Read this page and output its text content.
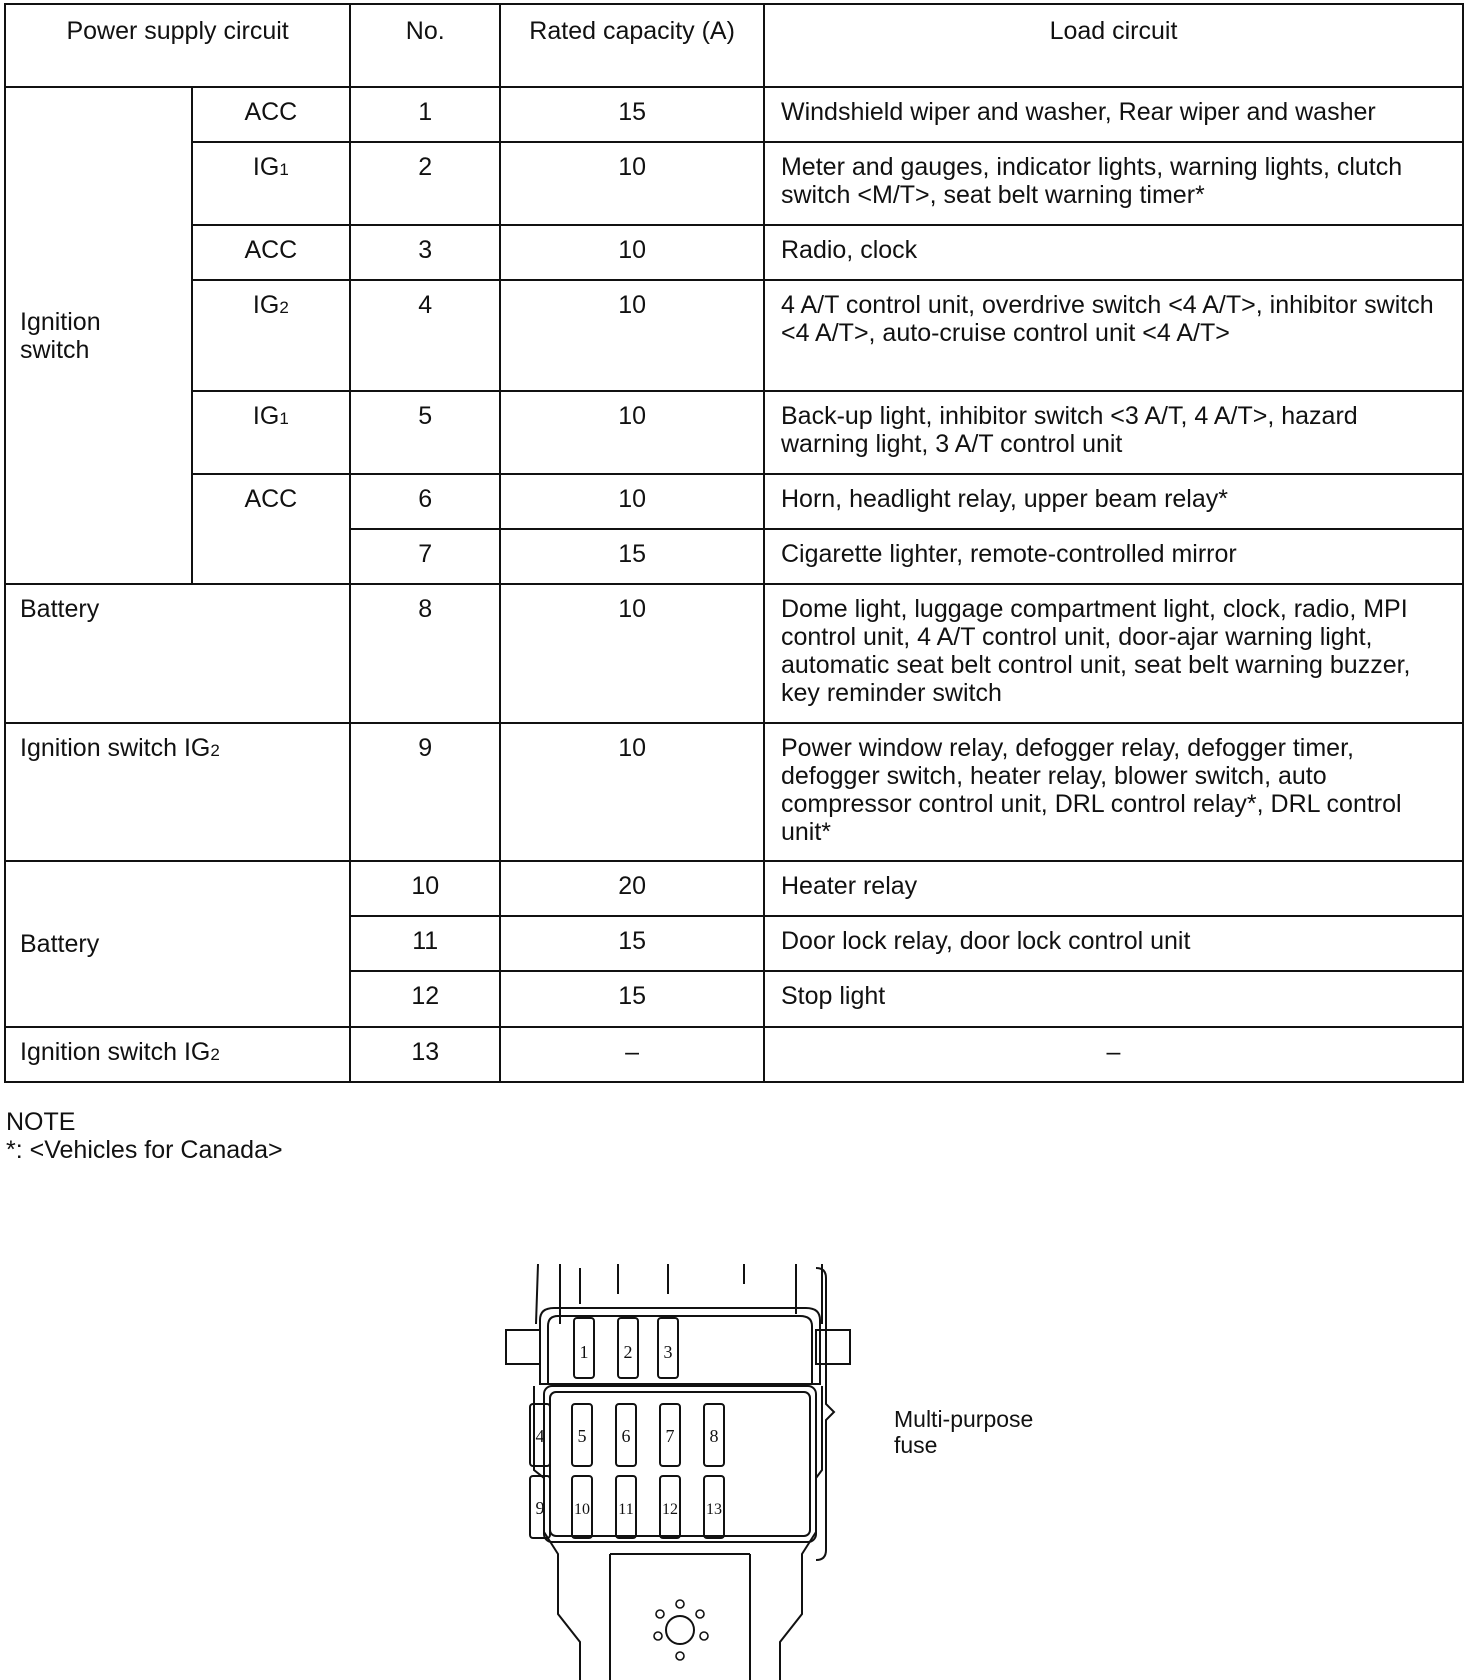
Power supply circuit		No.	Rated capacity (A)	Load circuit
Ignition switch	ACC	1	15	Windshield wiper and washer, Rear wiper and washer
	IG1	2	10	Meter and gauges, indicator lights, warning lights, clutch switch <M/T>, seat belt warning timer*
	ACC	3	10	Radio, clock
	IG2	4	10	4 A/T control unit, overdrive switch <4 A/T>, inhibitor switch <4 A/T>, auto-cruise control unit <4 A/T>
	IG1	5	10	Back-up light, inhibitor switch <3 A/T, 4 A/T>, hazard warning light, 3 A/T control unit
	ACC	6	10	Horn, headlight relay, upper beam relay*
		7	15	Cigarette lighter, remote-controlled mirror
Battery		8	10	Dome light, luggage compartment light, clock, radio, MPI control unit, 4 A/T control unit, door-ajar warning light, automatic seat belt control unit, seat belt warning buzzer, key reminder switch
Ignition switch IG2		9	10	Power window relay, defogger relay, defogger timer, defogger switch, heater relay, blower switch, auto compressor control unit, DRL control relay*, DRL control unit*
Battery		10	20	Heater relay
		11	15	Door lock relay, door lock control unit
		12	15	Stop light
Ignition switch IG2		13	–	–
NOTE
*: <Vehicles for Canada>
1 2 3
4 5 6 7 8
9 10 11 12 13
Multi-purpose
fuse
